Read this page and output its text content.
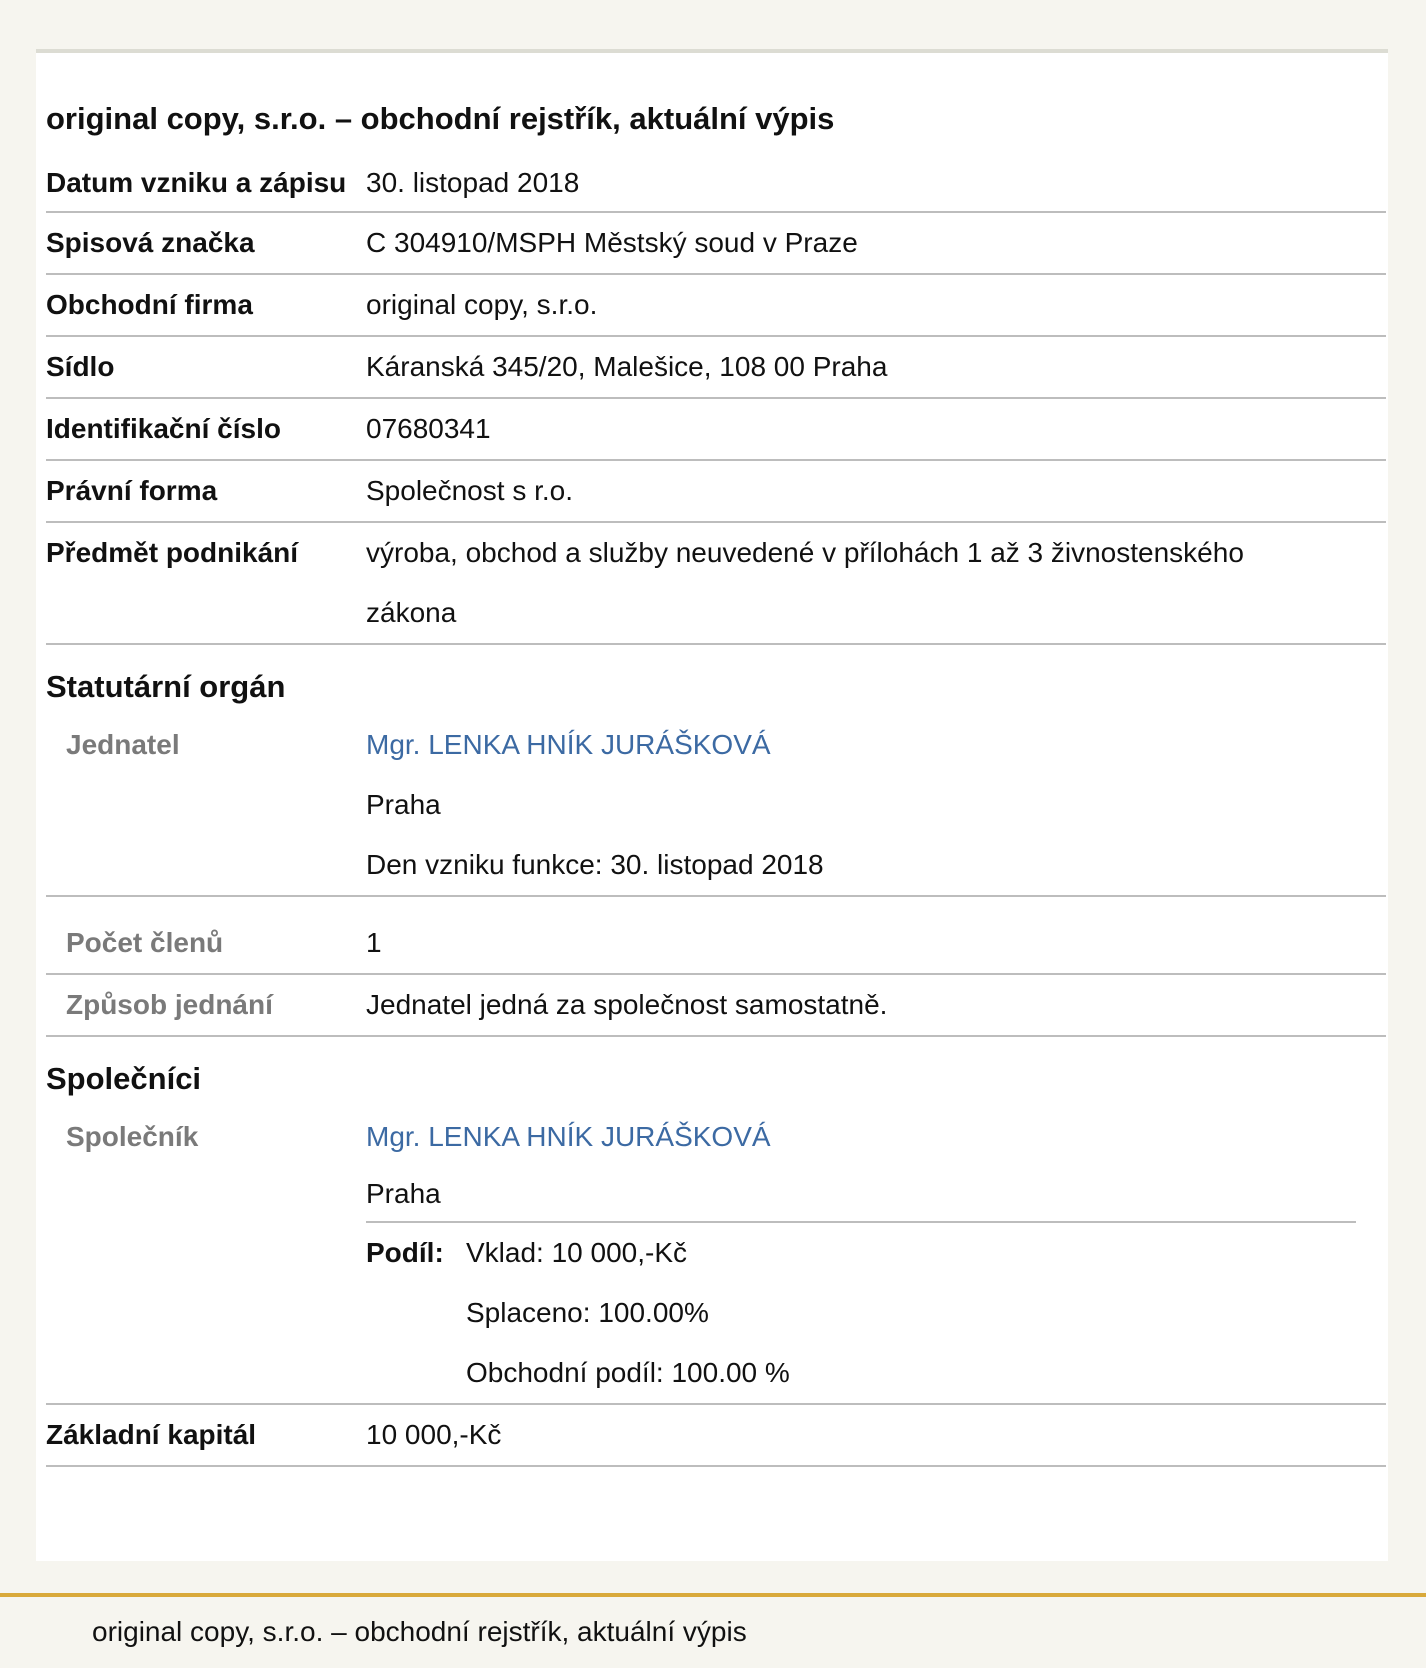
original copy, s.r.o. – obchodní rejstřík, aktuální výpis
Datum vzniku a zápisu 30. listopad 2018
Spisová značka	C 304910/MSPH Městský soud v Praze
Obchodní firma	original copy, s.r.o.
Sídlo	Káranská 345/20, Malešice, 108 00 Praha
Identifikační číslo	07680341
Právní forma	Společnost s r.o.
Předmět podnikání	výroba, obchod a služby neuvedené v přílohách 1 až 3 živnostenského zákona
Statutární orgán
Jednatel	Mgr. LENKA HNÍK JURÁŠKOVÁ
Praha
Den vzniku funkce: 30. listopad 2018
Počet členů	1
Způsob jednání	Jednatel jedná za společnost samostatně.
Společníci
Společník	Mgr. LENKA HNÍK JURÁŠKOVÁ
Praha
Podíl: Vklad: 10 000,-Kč
Splaceno: 100.00%
Obchodní podíl: 100.00 %
Základní kapitál	10 000,-Kč
original copy, s.r.o. – obchodní rejstřík, aktuální výpis
